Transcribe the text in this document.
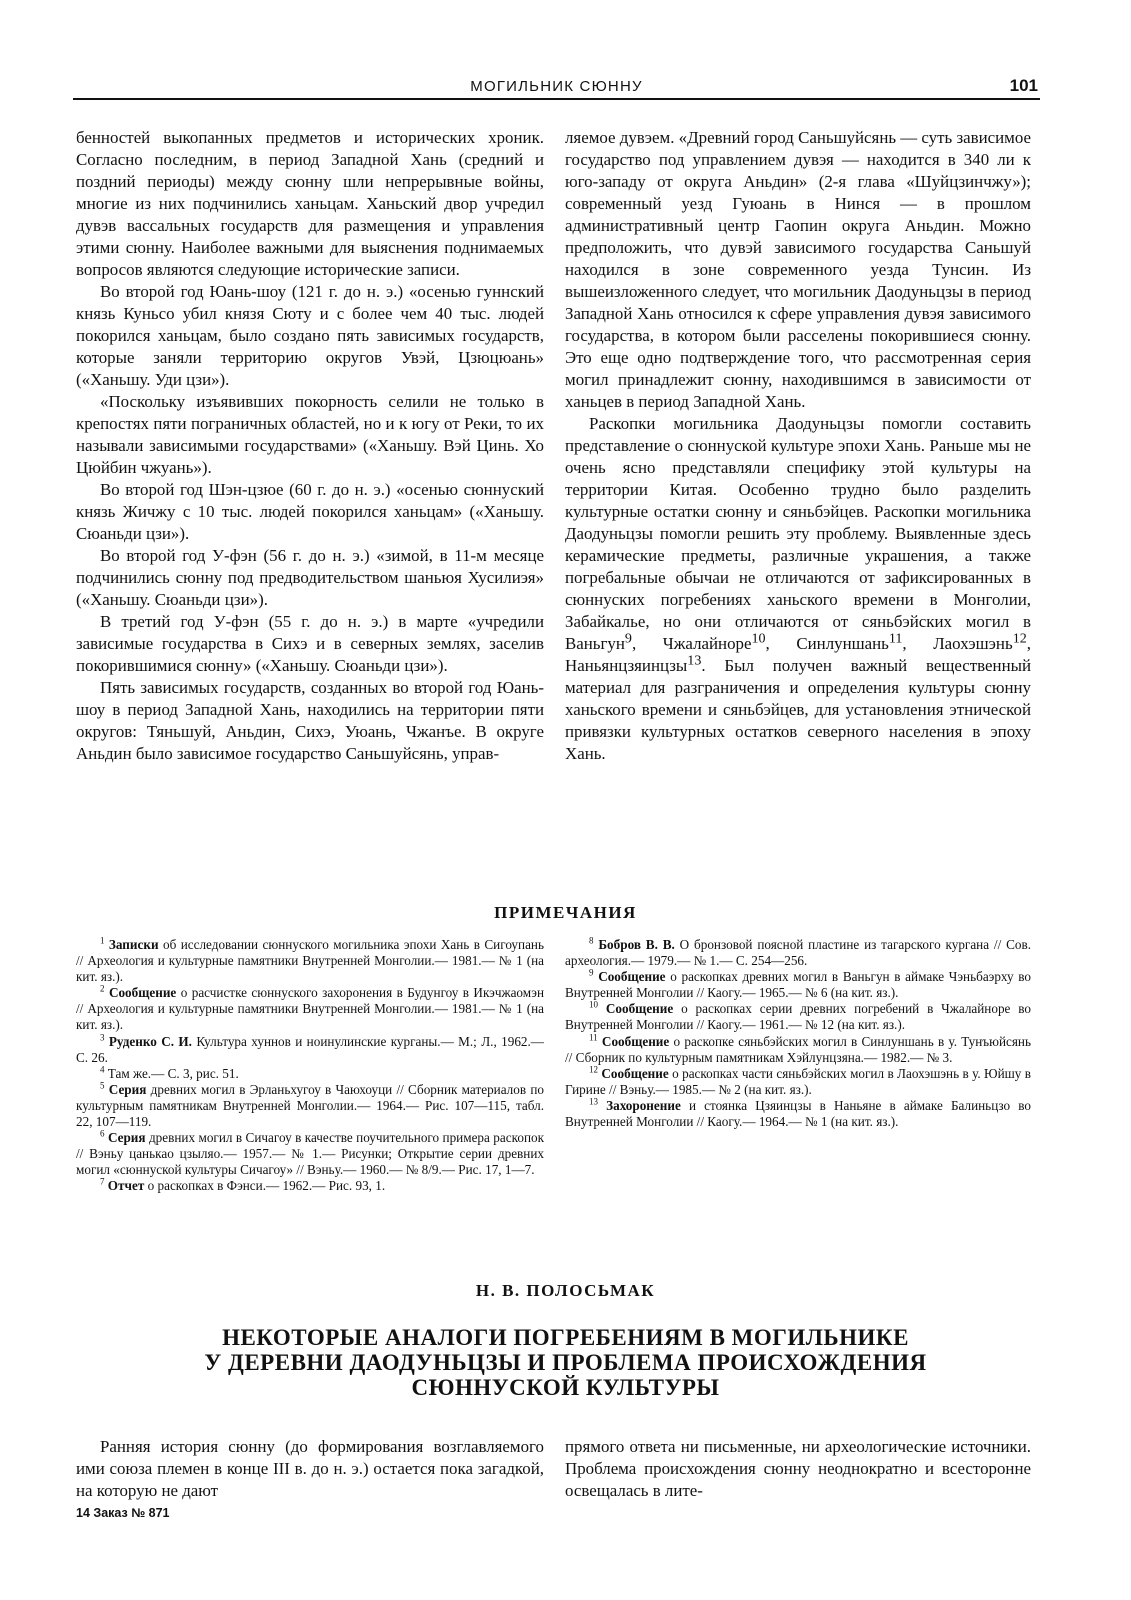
МОГИЛЬНИК СЮННУ	101

бенностей выкопанных предметов и исторических хроник. Согласно последним, в период Западной Хань (средний и поздний периоды) между сюнну шли непрерывные войны, многие из них подчинились ханьцам. Ханьский двор учредил дувэв вассальных государств для размещения и управления этими сюнну. Наиболее важными для выяснения поднимаемых вопросов являются следующие исторические записи.

Во второй год Юань-шоу (121 г. до н. э.) «осенью гуннский князь Куньсо убил князя Сюту и с более чем 40 тыс. людей покорился ханьцам, было создано пять зависимых государств, которые заняли территорию округов Увэй, Цзюцюань» («Ханьшу. Уди цзи»).

«Поскольку изъявивших покорность селили не только в крепостях пяти пограничных областей, но и к югу от Реки, то их называли зависимыми государствами» («Ханьшу. Вэй Цинь. Хо Цюйбин чжуань»).

Во второй год Шэн-цзюе (60 г. до н. э.) «осенью сюннуский князь Жичжу с 10 тыс. людей покорился ханьцам» («Ханьшу. Сюаньди цзи»).

Во второй год У-фэн (56 г. до н. э.) «зимой, в 11-м месяце подчинились сюнну под предводительством шаньюя Хусилиэя» («Ханьшу. Сюаньди цзи»).

В третий год У-фэн (55 г. до н. э.) в марте «учредили зависимые государства в Сихэ и в северных землях, заселив покорившимися сюнну» («Ханьшу. Сюаньди цзи»).

Пять зависимых государств, созданных во второй год Юань-шоу в период Западной Хань, находились на территории пяти округов: Тяньшуй, Аньдин, Сихэ, Уюань, Чжанъе. В округе Аньдин было зависимое государство Саньшуйсянь, управ-

ляемое дувэем. «Древний город Саньшуйсянь — суть зависимое государство под управлением дувэя — находится в 340 ли к юго-западу от округа Аньдин» (2-я глава «Шуйцзинчжу»); современный уезд Гуюань в Нинся — в прошлом административный центр Гаопин округа Аньдин. Можно предположить, что дувэй зависимого государства Саньшуй находился в зоне современного уезда Тунсин. Из вышеизложенного следует, что могильник Даодуньцзы в период Западной Хань относился к сфере управления дувэя зависимого государства, в котором были расселены покорившиеся сюнну. Это еще одно подтверждение того, что рассмотренная серия могил принадлежит сюнну, находившимся в зависимости от ханьцев в период Западной Хань.

Раскопки могильника Даодуньцзы помогли составить представление о сюннуской культуре эпохи Хань. Раньше мы не очень ясно представляли специфику этой культуры на территории Китая. Особенно трудно было разделить культурные остатки сюнну и сяньбэйцев. Раскопки могильника Даодуньцзы помогли решить эту проблему. Выявленные здесь керамические предметы, различные украшения, а также погребальные обычаи не отличаются от зафиксированных в сюннуских погребениях ханьского времени в Монголии, Забайкалье, но они отличаются от сяньбэйских могил в Ваньгун$^9$, Чжалайноре$^{10}$, Синлуншань$^{11}$, Лаохэшэнь$^{12}$, Наньянцзяинцзы$^{13}$. Был получен важный вещественный материал для разграничения и определения культуры сюнну ханьского времени и сяньбэйцев, для установления этнической привязки культурных остатков северного населения в эпоху Хань.

ПРИМЕЧАНИЯ

$^1$ Записки об исследовании сюннуского могильника эпохи Хань в Сигоупань // Археология и культурные памятники Внутренней Монголии.— 1981.— № 1 (на кит. яз.).

$^2$ Сообщение о расчистке сюннуского захоронения в Будунгоу в Икэчжаомэн // Археология и культурные памятники Внутренней Монголии.— 1981.— № 1 (на кит. яз.).

$^3$ Руденко С. И. Культура хуннов и ноинулинские курганы.— М.; Л., 1962.— С. 26.

$^4$ Там же.— С. 3, рис. 51.

$^5$ Серия древних могил в Эрланьхугоу в Чаюхоуци // Сборник материалов по культурным памятникам Внутренней Монголии.— 1964.— Рис. 107—115, табл. 22, 107—119.

$^6$ Серия древних могил в Сичагоу в качестве поучительного примера раскопок // Вэньу цанькао цзыляо.— 1957.— № 1.— Рисунки; Открытие серии древних могил «сюннуской культуры Сичагоу» // Вэньу.— 1960.— № 8/9.— Рис. 17, 1—7.

$^7$ Отчет о раскопках в Фэнси.— 1962.— Рис. 93, 1.

$^8$ Бобров В. В. О бронзовой поясной пластине из тагарского кургана // Сов. археология.— 1979.— № 1.— С. 254—256.

$^9$ Сообщение о раскопках древних могил в Ваньгун в аймаке Чэньбаэрху во Внутренней Монголии // Каогу.— 1965.— № 6 (на кит. яз.).

$^{10}$ Сообщение о раскопках серии древних погребений в Чжалайноре во Внутренней Монголии // Каогу.— 1961.— № 12 (на кит. яз.).

$^{11}$ Сообщение о раскопке сяньбэйских могил в Синлуншань в у. Тунъюйсянь // Сборник по культурным памятникам Хэйлунцзяна.— 1982.— № 3.

$^{12}$ Сообщение о раскопках части сяньбэйских могил в Лаохэшэнь в у. Юйшу в Гирине // Вэньу.— 1985.— № 2 (на кит. яз.).

$^{13}$ Захоронение и стоянка Цзяинцзы в Наньяне в аймаке Балиньцзо во Внутренней Монголии // Каогу.— 1964.— № 1 (на кит. яз.).

Н. В. ПОЛОСЬМАК
НЕКОТОРЫЕ АНАЛОГИ ПОГРЕБЕНИЯМ В МОГИЛЬНИКЕ
У ДЕРЕВНИ ДАОДУНЬЦЗЫ И ПРОБЛЕМА ПРОИСХОЖДЕНИЯ
СЮННУСКОЙ КУЛЬТУРЫ

Ранняя история сюнну (до формирования возглавляемого ими союза племен в конце III в. до н. э.) остается пока загадкой, на которую не дают

прямого ответа ни письменные, ни археологические источники. Проблема происхождения сюнну неоднократно и всесторонне освещалась в лите-

14 Заказ № 871
